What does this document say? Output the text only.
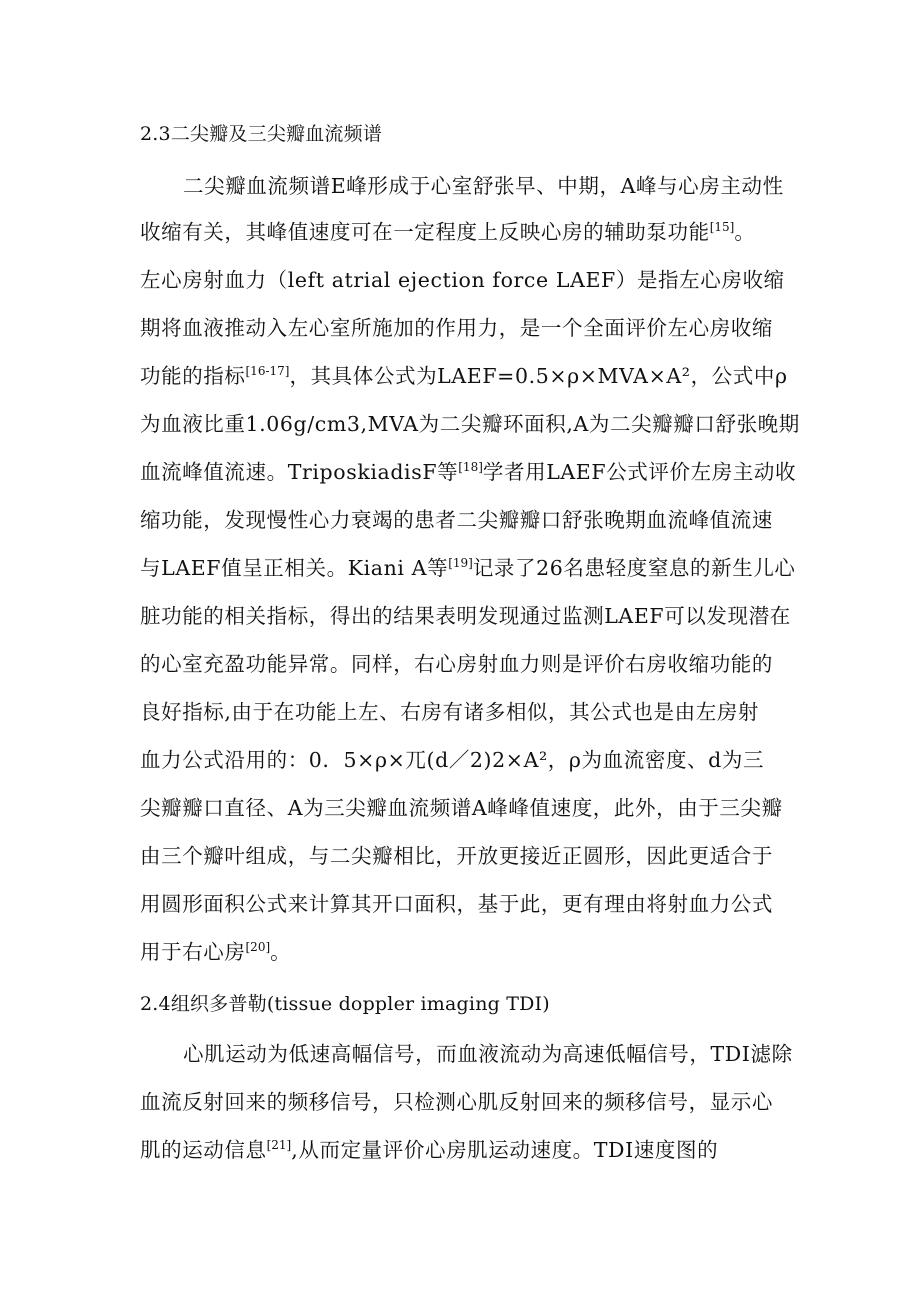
2.3二尖瓣及三尖瓣血流频谱
二尖瓣血流频谱E峰形成于心室舒张早、中期，A峰与心房主动性
收缩有关，其峰值速度可在一定程度上反映心房的辅助泵功能[15]。
左心房射血力（left atrial ejection force LAEF）是指左心房收缩
期将血液推动入左心室所施加的作用力，是一个全面评价左心房收缩
功能的指标[16-17]，其具体公式为LAEF=0.5×ρ×MVA×A²，公式中ρ
为血液比重1.06g/cm3,MVA为二尖瓣环面积,A为二尖瓣瓣口舒张晚期
血流峰值流速。TriposkiadisF等[18]学者用LAEF公式评价左房主动收
缩功能，发现慢性心力衰竭的患者二尖瓣瓣口舒张晚期血流峰值流速
与LAEF值呈正相关。Kiani A等[19]记录了26名患轻度窒息的新生儿心
脏功能的相关指标，得出的结果表明发现通过监测LAEF可以发现潜在
的心室充盈功能异常。同样，右心房射血力则是评价右房收缩功能的
良好指标,由于在功能上左、右房有诸多相似，其公式也是由左房射
血力公式沿用的：0．5×ρ×兀(d／2)2×A²，ρ为血流密度、d为三
尖瓣瓣口直径、A为三尖瓣血流频谱A峰峰值速度，此外，由于三尖瓣
由三个瓣叶组成，与二尖瓣相比，开放更接近正圆形，因此更适合于
用圆形面积公式来计算其开口面积，基于此，更有理由将射血力公式
用于右心房[20]。
2.4组织多普勒(tissue doppler imaging TDI)
心肌运动为低速高幅信号，而血液流动为高速低幅信号，TDI滤除
血流反射回来的频移信号，只检测心肌反射回来的频移信号，显示心
肌的运动信息[21],从而定量评价心房肌运动速度。TDI速度图的
